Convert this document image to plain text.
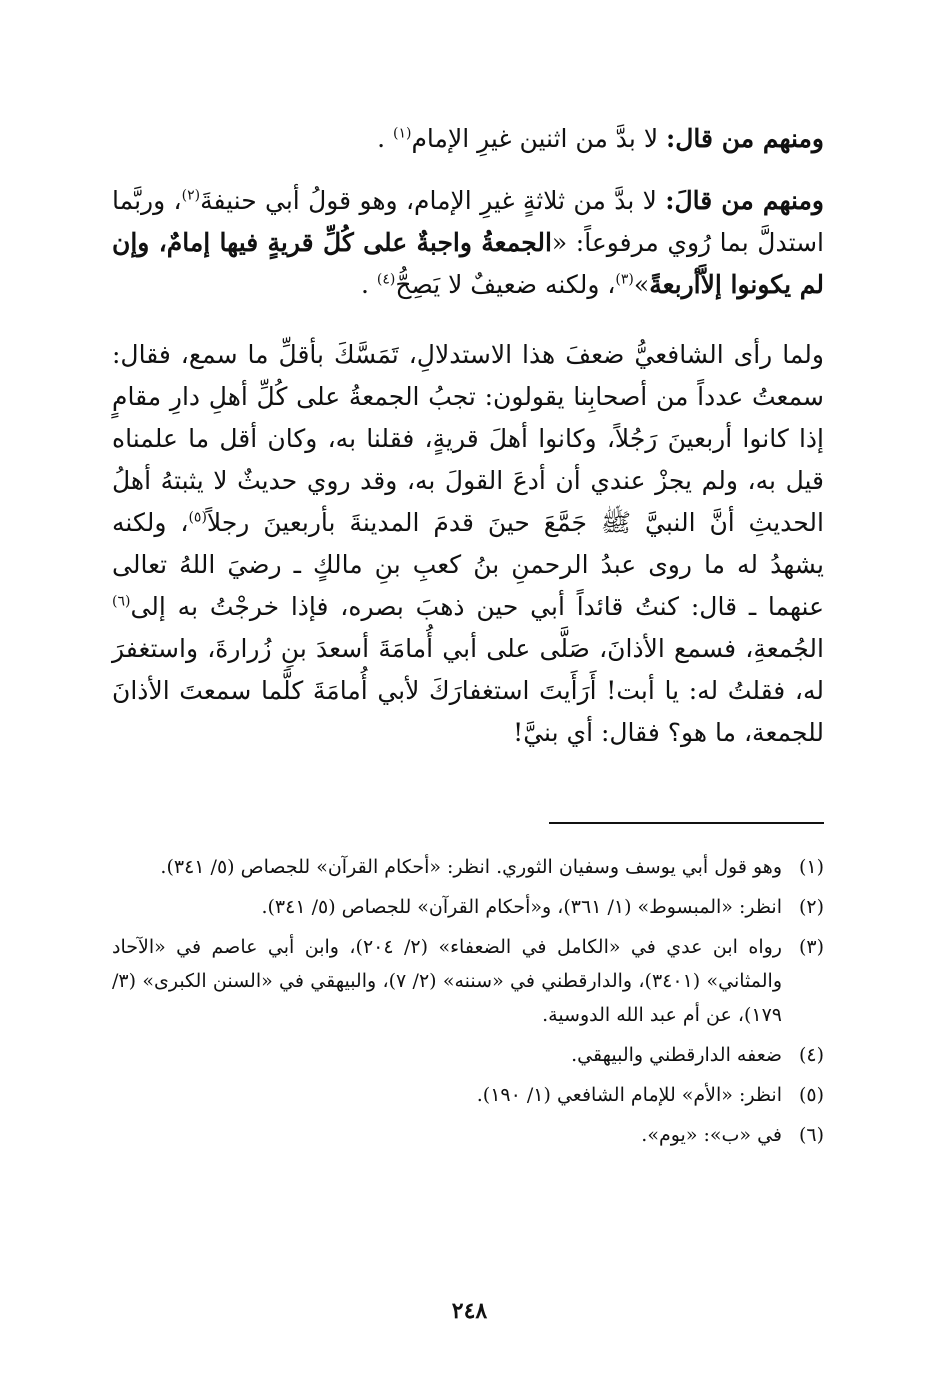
ومنهم من قال: لا بدَّ من اثنين غيرِ الإمام$^{(١)}$ .

ومنهم من قالَ: لا بدَّ من ثلاثةٍ غيرِ الإمام، وهو قولُ أبي حنيفةَ$^{(٢)}$، وربَّما استدلَّ بما رُوي مرفوعاً: «الجمعةُ واجبةٌ على كُلِّ قريةٍ فيها إمامٌ، وإن لم يكونوا إلاَّأربعةً»$^{(٣)}$، ولكنه ضعيفٌ لا يَصِحُّ$^{(٤)}$ .

ولما رأى الشافعيُّ ضعفَ هذا الاستدلالِ، تَمَسَّكَ بأقلِّ ما سمع، فقال: سمعتُ عدداً من أصحابِنا يقولون: تجبُ الجمعةُ على كُلِّ أهلِ دارِ مقامٍ إذا كانوا أربعينَ رَجُلاً، وكانوا أهلَ قريةٍ، فقلنا به، وكان أقل ما علمناه قيل به، ولم يجزْ عندي أن أدعَ القولَ به، وقد روي حديثٌ لا يثبتهُ أهلُ الحديثِ أنَّ النبيَّ ﷺ جَمَّعَ حينَ قدمَ المدينةَ بأربعينَ رجلاً$^{(٥)}$، ولكنه يشهدُ له ما روى عبدُ الرحمنِ بنُ كعبِ بنِ مالكٍ ـ رضيَ اللهُ تعالى عنهما ـ قال: كنتُ قائداً أبي حين ذهبَ بصره، فإذا خرجْتُ به إلى$^{(٦)}$ الجُمعةِ، فسمع الأذانَ، صَلَّى على أبي أُمامَةَ أسعدَ بنِ زُرارةَ، واستغفرَ له، فقلتُ له: يا أبت! أَرَأَيتَ استغفارَكَ لأبي أُمامَةَ كلَّما سمعتَ الأذانَ للجمعة، ما هو؟ فقال: أي بنيَّ!

(١)
وهو قول أبي يوسف وسفيان الثوري. انظر: «أحكام القرآن» للجصاص (٥/ ٣٤١).
(٢)
انظر: «المبسوط» (١/ ٣٦١)، و«أحكام القرآن» للجصاص (٥/ ٣٤١).
(٣)
رواه ابن عدي في «الكامل في الضعفاء» (٢/ ٢٠٤)، وابن أبي عاصم في «الآحاد والمثاني» (٣٤٠١)، والدارقطني في «سننه» (٢/ ٧)، والبيهقي في «السنن الكبرى» (٣/ ١٧٩)، عن أم عبد الله الدوسية.
(٤)
ضعفه الدارقطني والبيهقي.
(٥)
انظر: «الأم» للإمام الشافعي (١/ ١٩٠).
(٦)
في «ب»: «يوم».
٢٤٨
